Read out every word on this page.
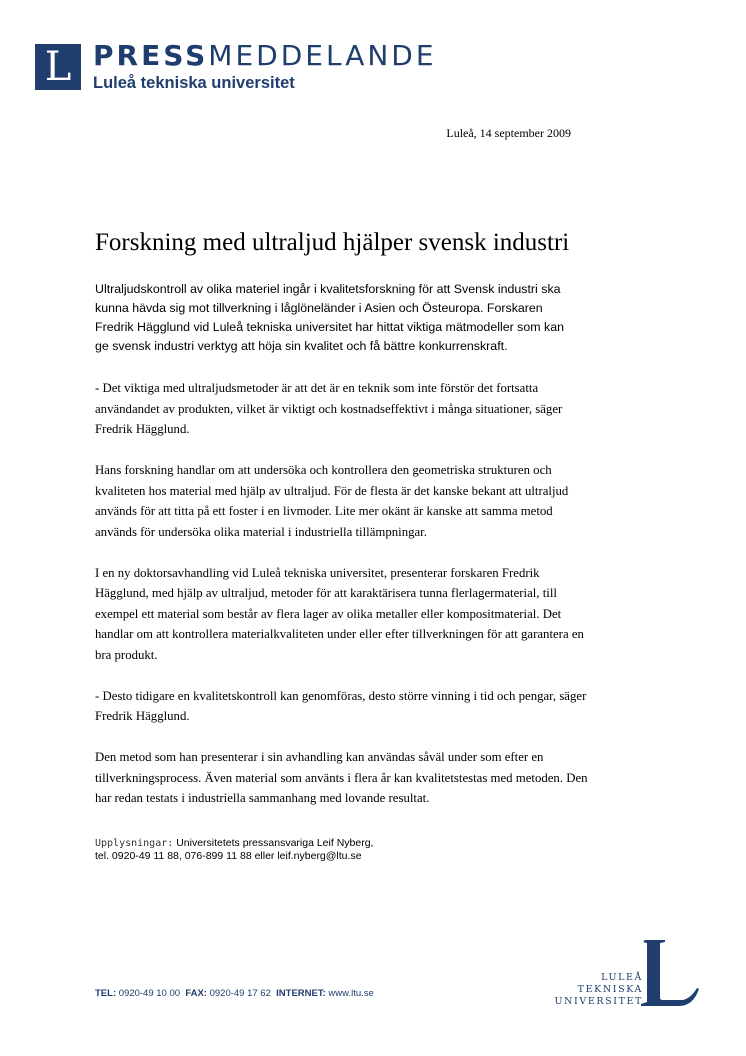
L PRESSMEDDELANDE
Luleå tekniska universitet
Luleå, 14 september 2009
Forskning med ultraljud hjälper svensk industri

Ultraljudskontroll av olika materiel ingår i kvalitetsforskning för att Svensk industri ska kunna hävda sig mot tillverkning i låglöneländer i Asien och Östeuropa. Forskaren Fredrik Hägglund vid Luleå tekniska universitet har hittat viktiga mätmodeller som kan ge svensk industri verktyg att höja sin kvalitet och få bättre konkurrenskraft.

- Det viktiga med ultraljudsmetoder är att det är en teknik som inte förstör det fortsatta användandet av produkten, vilket är viktigt och kostnadseffektivt i många situationer, säger Fredrik Hägglund.

Hans forskning handlar om att undersöka och kontrollera den geometriska strukturen och kvaliteten hos material med hjälp av ultraljud. För de flesta är det kanske bekant att ultraljud används för att titta på ett foster i en livmoder. Lite mer okänt är kanske att samma metod används för undersöka olika material i industriella tillämpningar.

I en ny doktorsavhandling vid Luleå tekniska universitet, presenterar forskaren Fredrik Hägglund, med hjälp av ultraljud, metoder för att karaktärisera tunna flerlagermaterial, till exempel ett material som består av flera lager av olika metaller eller kompositmaterial. Det handlar om att kontrollera materialkvaliteten under eller efter tillverkningen för att garantera en bra produkt.

- Desto tidigare en kvalitetskontroll kan genomföras, desto större vinning i tid och pengar, säger Fredrik Hägglund.

Den metod som han presenterar i sin avhandling kan användas såväl under som efter en tillverkningsprocess. Även material som använts i flera år kan kvalitetstestas med metoden. Den har redan testats i industriella sammanhang med lovande resultat.

Upplysningar: Universitetets pressansvariga Leif Nyberg,
tel. 0920-49 11 88, 076-899 11 88 eller leif.nyberg@ltu.se
TEL: 0920-49 10 00 FAX: 0920-49 17 62 INTERNET: www.ltu.se
LULEÅ
TEKNISKA
UNIVERSITET
